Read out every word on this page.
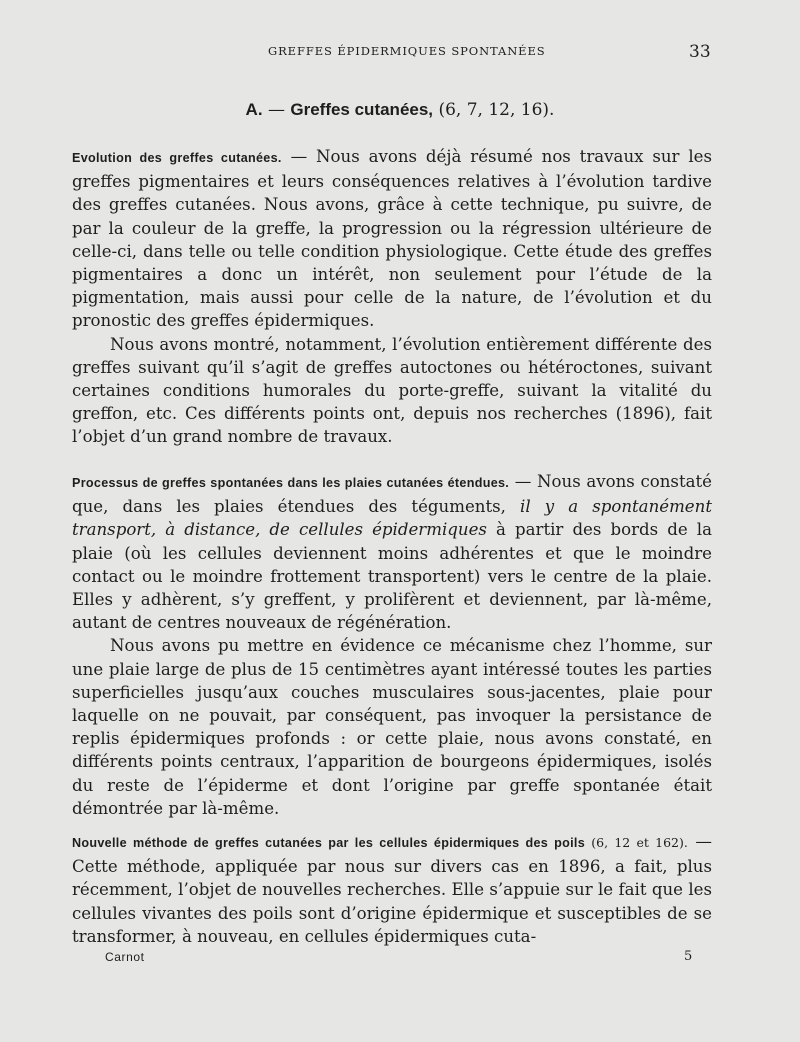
GREFFES ÉPIDERMIQUES SPONTANÉES	33
A. — Greffes cutanées, (6, 7, 12, 16).

Evolution des greffes cutanées. — Nous avons déjà résumé nos travaux sur les greffes pigmentaires et leurs conséquences relatives à l’évolution tardive des greffes cutanées. Nous avons, grâce à cette technique, pu suivre, de par la couleur de la greffe, la progression ou la régression ultérieure de celle-ci, dans telle ou telle condition physiologique. Cette étude des greffes pigmentaires a donc un intérêt, non seulement pour l’étude de la pigmentation, mais aussi pour celle de la nature, de l’évolution et du pronostic des greffes épidermiques.

Nous avons montré, notamment, l’évolution entièrement différente des greffes suivant qu’il s’agit de greffes autoctones ou hétéroctones, suivant certaines conditions humorales du porte-greffe, suivant la vitalité du greffon, etc. Ces différents points ont, depuis nos recherches (1896), fait l’objet d’un grand nombre de travaux.

Processus de greffes spontanées dans les plaies cutanées étendues. — Nous avons constaté que, dans les plaies étendues des téguments, il y a spontanément transport, à distance, de cellules épidermiques à partir des bords de la plaie (où les cellules deviennent moins adhérentes et que le moindre contact ou le moindre frottement transportent) vers le centre de la plaie. Elles y adhèrent, s’y greffent, y prolifèrent et deviennent, par là-même, autant de centres nouveaux de régénération.

Nous avons pu mettre en évidence ce mécanisme chez l’homme, sur une plaie large de plus de 15 centimètres ayant intéressé toutes les parties superficielles jusqu’aux couches musculaires sous-jacentes, plaie pour laquelle on ne pouvait, par conséquent, pas invoquer la persistance de replis épidermiques profonds : or cette plaie, nous avons constaté, en différents points centraux, l’apparition de bourgeons épidermiques, isolés du reste de l’épiderme et dont l’origine par greffe spontanée était démontrée par là-même.

Nouvelle méthode de greffes cutanées par les cellules épidermiques des poils (6, 12 et 162). — Cette méthode, appliquée par nous sur divers cas en 1896, a fait, plus récemment, l’objet de nouvelles recherches. Elle s’appuie sur le fait que les cellules vivantes des poils sont d’origine épidermique et susceptibles de se transformer, à nouveau, en cellules épidermiques cuta-

Carnot	5
